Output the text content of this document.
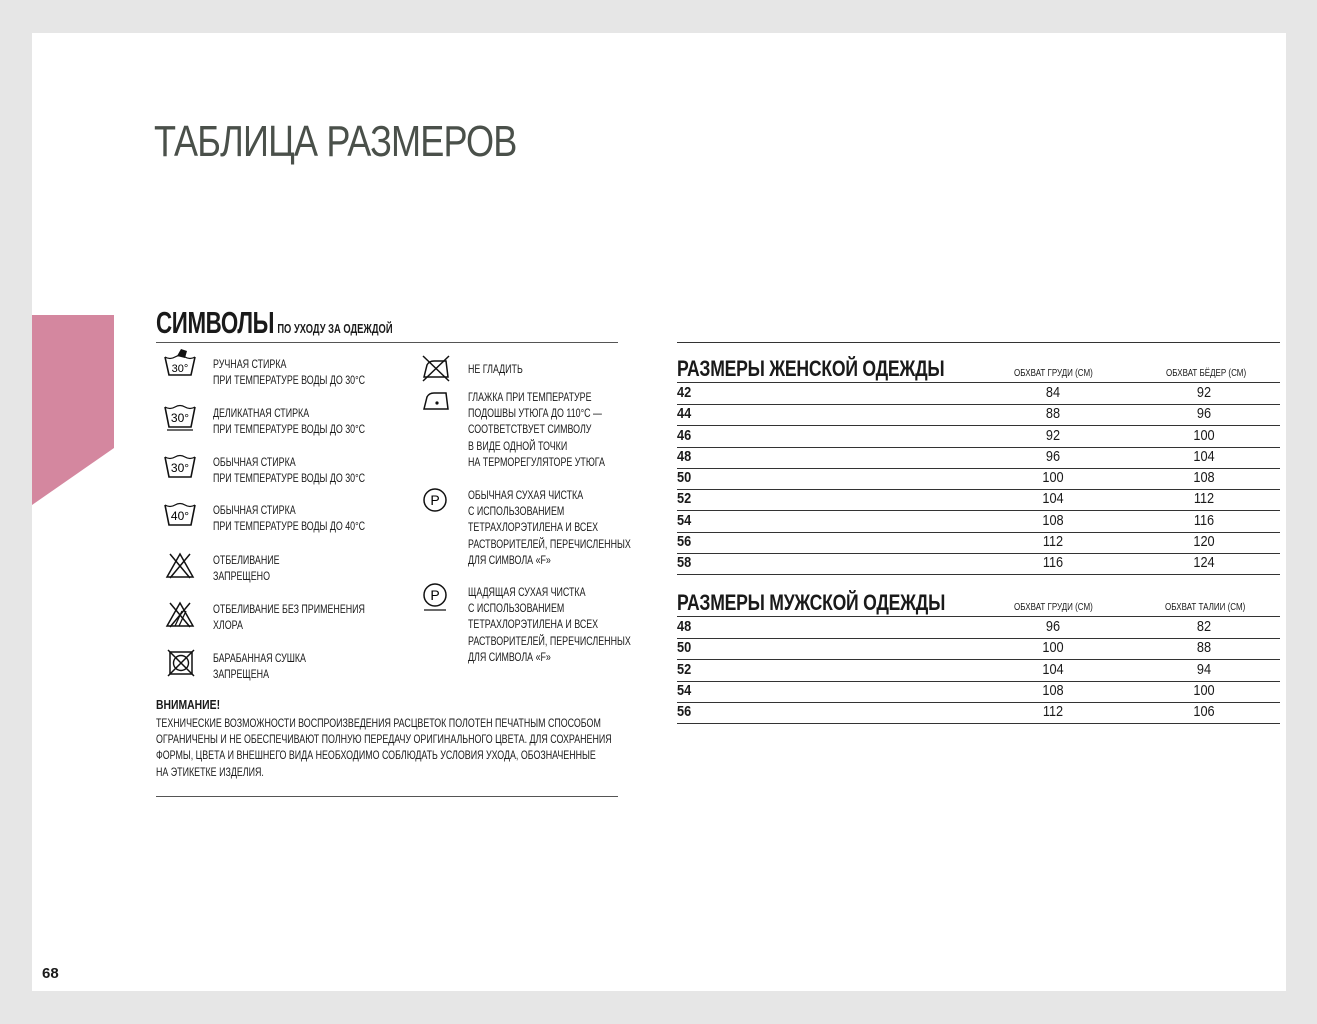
ТАБЛИЦА РАЗМЕРОВ
СИМВОЛЫ ПО УХОДУ ЗА ОДЕЖДОЙ
30° РУЧНАЯ СТИРКА
ПРИ ТЕМПЕРАТУРЕ ВОДЫ ДО 30°С
30° ДЕЛИКАТНАЯ СТИРКА
ПРИ ТЕМПЕРАТУРЕ ВОДЫ ДО 30°С
30° ОБЫЧНАЯ СТИРКА
ПРИ ТЕМПЕРАТУРЕ ВОДЫ ДО 30°С
40° ОБЫЧНАЯ СТИРКА
ПРИ ТЕМПЕРАТУРЕ ВОДЫ ДО 40°С
ОТБЕЛИВАНИЕ
ЗАПРЕЩЕНО
ОТБЕЛИВАНИЕ БЕЗ ПРИМЕНЕНИЯ
ХЛОРА
БАРАБАННАЯ СУШКА
ЗАПРЕЩЕНА
НЕ ГЛАДИТЬ
ГЛАЖКА ПРИ ТЕМПЕРАТУРЕ
ПОДОШВЫ УТЮГА ДО 110°С —
СООТВЕТСТВУЕТ СИМВОЛУ
В ВИДЕ ОДНОЙ ТОЧКИ
НА ТЕРМОРЕГУЛЯТОРЕ УТЮГА
P ОБЫЧНАЯ СУХАЯ ЧИСТКА
С ИСПОЛЬЗОВАНИЕМ
ТЕТРАХЛОРЭТИЛЕНА И ВСЕХ
РАСТВОРИТЕЛЕЙ, ПЕРЕЧИСЛЕННЫХ
ДЛЯ СИМВОЛА «F»
P ЩАДЯЩАЯ СУХАЯ ЧИСТКА
С ИСПОЛЬЗОВАНИЕМ
ТЕТРАХЛОРЭТИЛЕНА И ВСЕХ
РАСТВОРИТЕЛЕЙ, ПЕРЕЧИСЛЕННЫХ
ДЛЯ СИМВОЛА «F»
ВНИМАНИЕ!
ТЕХНИЧЕСКИЕ ВОЗМОЖНОСТИ ВОСПРОИЗВЕДЕНИЯ РАСЦВЕТОК ПОЛОТЕН ПЕЧАТНЫМ СПОСОБОМ
ОГРАНИЧЕНЫ И НЕ ОБЕСПЕЧИВАЮТ ПОЛНУЮ ПЕРЕДАЧУ ОРИГИНАЛЬНОГО ЦВЕТА. ДЛЯ СОХРАНЕНИЯ
ФОРМЫ, ЦВЕТА И ВНЕШНЕГО ВИДА НЕОБХОДИМО СОБЛЮДАТЬ УСЛОВИЯ УХОДА, ОБОЗНАЧЕННЫЕ
НА ЭТИКЕТКЕ ИЗДЕЛИЯ.
РАЗМЕРЫ ЖЕНСКОЙ ОДЕЖДЫ	ОБХВАТ ГРУДИ (СМ)	ОБХВАТ БЁДЕР (СМ)
42	84	92
44	88	96
46	92	100
48	96	104
50	100	108
52	104	112
54	108	116
56	112	120
58	116	124
РАЗМЕРЫ МУЖСКОЙ ОДЕЖДЫ	ОБХВАТ ГРУДИ (СМ)	ОБХВАТ ТАЛИИ (СМ)
48	96	82
50	100	88
52	104	94
54	108	100
56	112	106
68
